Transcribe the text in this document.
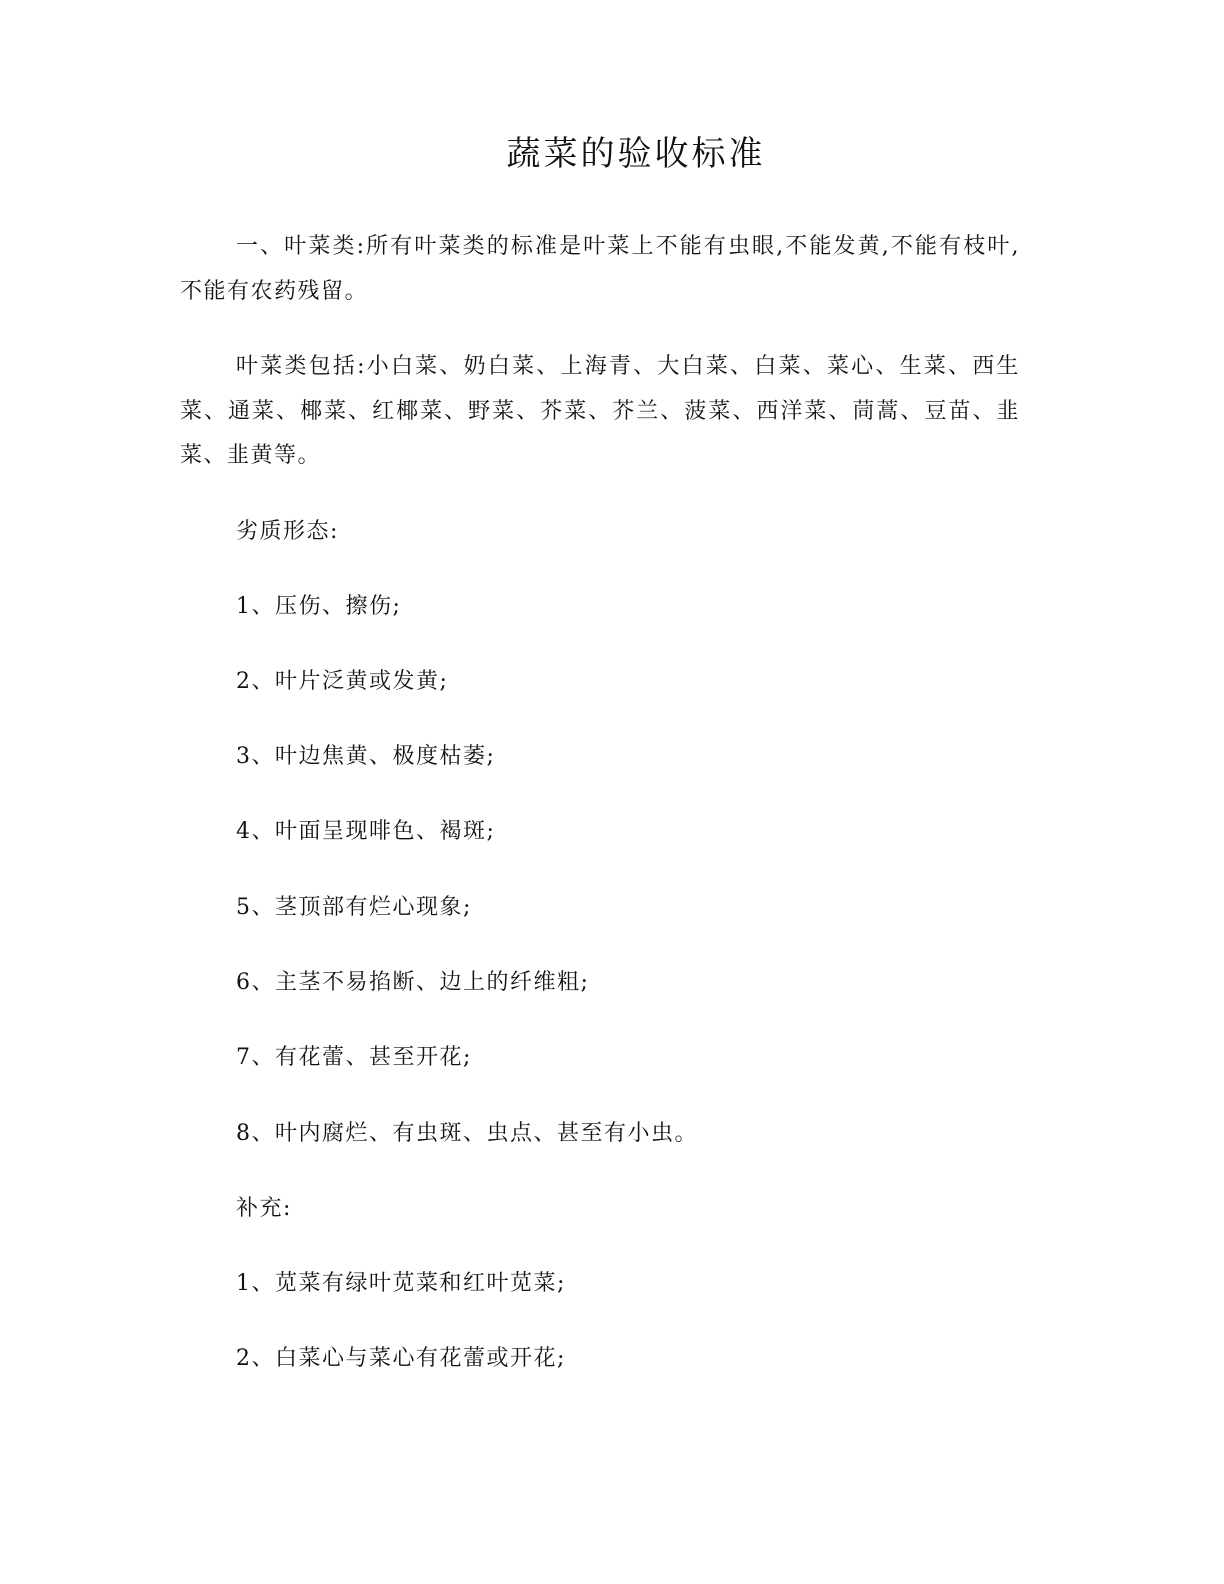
蔬菜的验收标准
一、叶菜类:所有叶菜类的标准是叶菜上不能有虫眼,不能发黄,不能有枝叶,不能有农药残留。
叶菜类包括:小白菜、奶白菜、上海青、大白菜、白菜、菜心、生菜、西生菜、通菜、椰菜、红椰菜、野菜、芥菜、芥兰、菠菜、西洋菜、茼蒿、豆苗、韭菜、韭黄等。
劣质形态:
1、压伤、擦伤;
2、叶片泛黄或发黄;
3、叶边焦黄、极度枯萎;
4、叶面呈现啡色、褐斑;
5、茎顶部有烂心现象;
6、主茎不易掐断、边上的纤维粗;
7、有花蕾、甚至开花;
8、叶内腐烂、有虫斑、虫点、甚至有小虫。
补充:
1、苋菜有绿叶苋菜和红叶苋菜;
2、白菜心与菜心有花蕾或开花;
